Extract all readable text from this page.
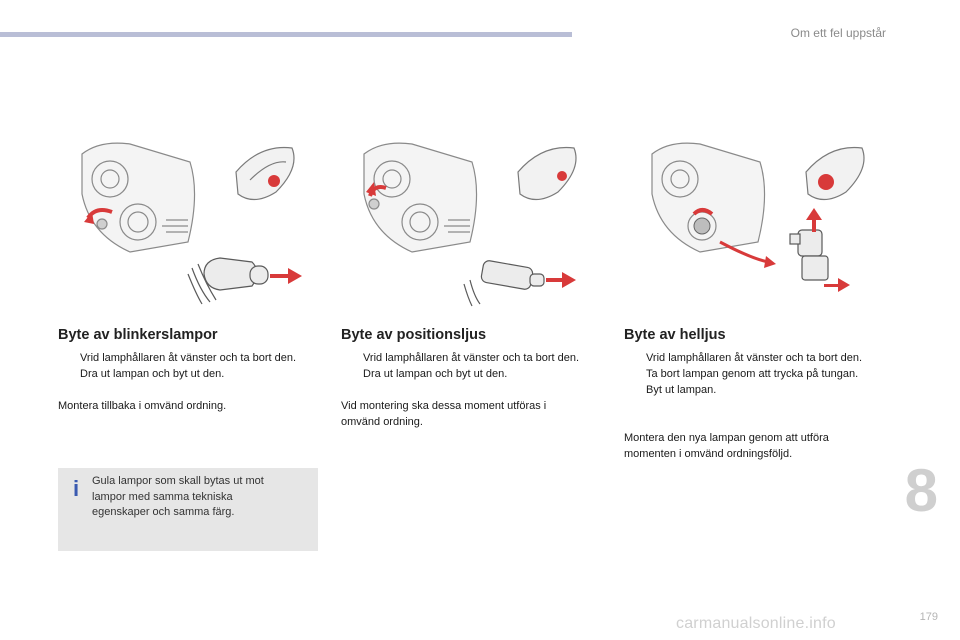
Om ett fel uppstår
Byte av blinkerslampor
Vrid lamphållaren åt vänster och ta bort den.
Dra ut lampan och byt ut den.
Montera tillbaka i omvänd ordning.
Byte av positionsljus
Vrid lamphållaren åt vänster och ta bort den.
Dra ut lampan och byt ut den.
Vid montering ska dessa moment utföras i omvänd ordning.
Byte av helljus
Vrid lamphållaren åt vänster och ta bort den.
Ta bort lampan genom att trycka på tungan.
Byt ut lampan.
Montera den nya lampan genom att utföra momenten i omvänd ordningsföljd.
i	Gula lampor som skall bytas ut mot lampor med samma tekniska egenskaper och samma färg.	8
carmanualsonline.info	179
